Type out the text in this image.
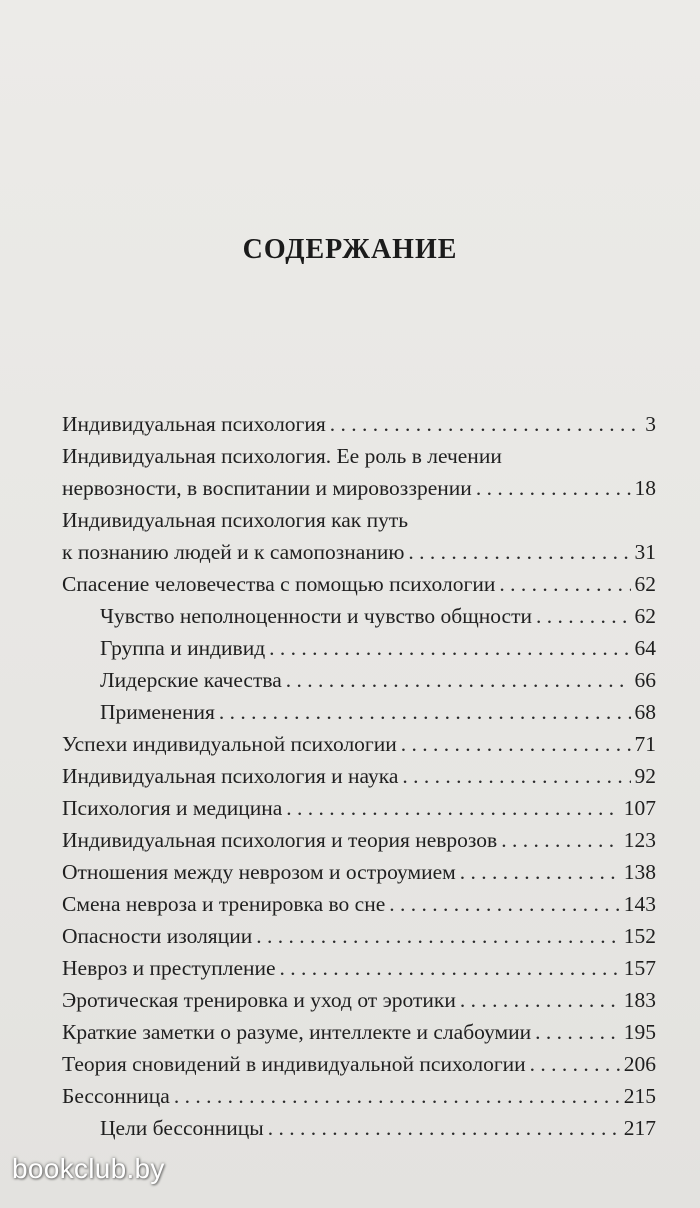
СОДЕРЖАНИЕ
Индивидуальная психология . . .	3
Индивидуальная психология. Ее роль в лечении
нервозности, в воспитании и мировоззрении . . .	18
Индивидуальная психология как путь
к познанию людей и к самопознанию . . .	31
Спасение человечества с помощью психологии . . .	62
Чувство неполноценности и чувство общности . . .	62
Группа и индивид . . .	64
Лидерские качества . . .	66
Применения . . .	68
Успехи индивидуальной психологии . . .	71
Индивидуальная психология и наука . . .	92
Психология и медицина . . .	107
Индивидуальная психология и теория неврозов . . .	123
Отношения между неврозом и остроумием . . .	138
Смена невроза и тренировка во сне . . .	143
Опасности изоляции . . .	152
Невроз и преступление . . .	157
Эротическая тренировка и уход от эротики . . .	183
Краткие заметки о разуме, интеллекте и слабоумии . . .	195
Теория сновидений в индивидуальной психологии . . .	206
Бессонница . . .	215
Цели бессонницы . . .	217
bookclub.by
